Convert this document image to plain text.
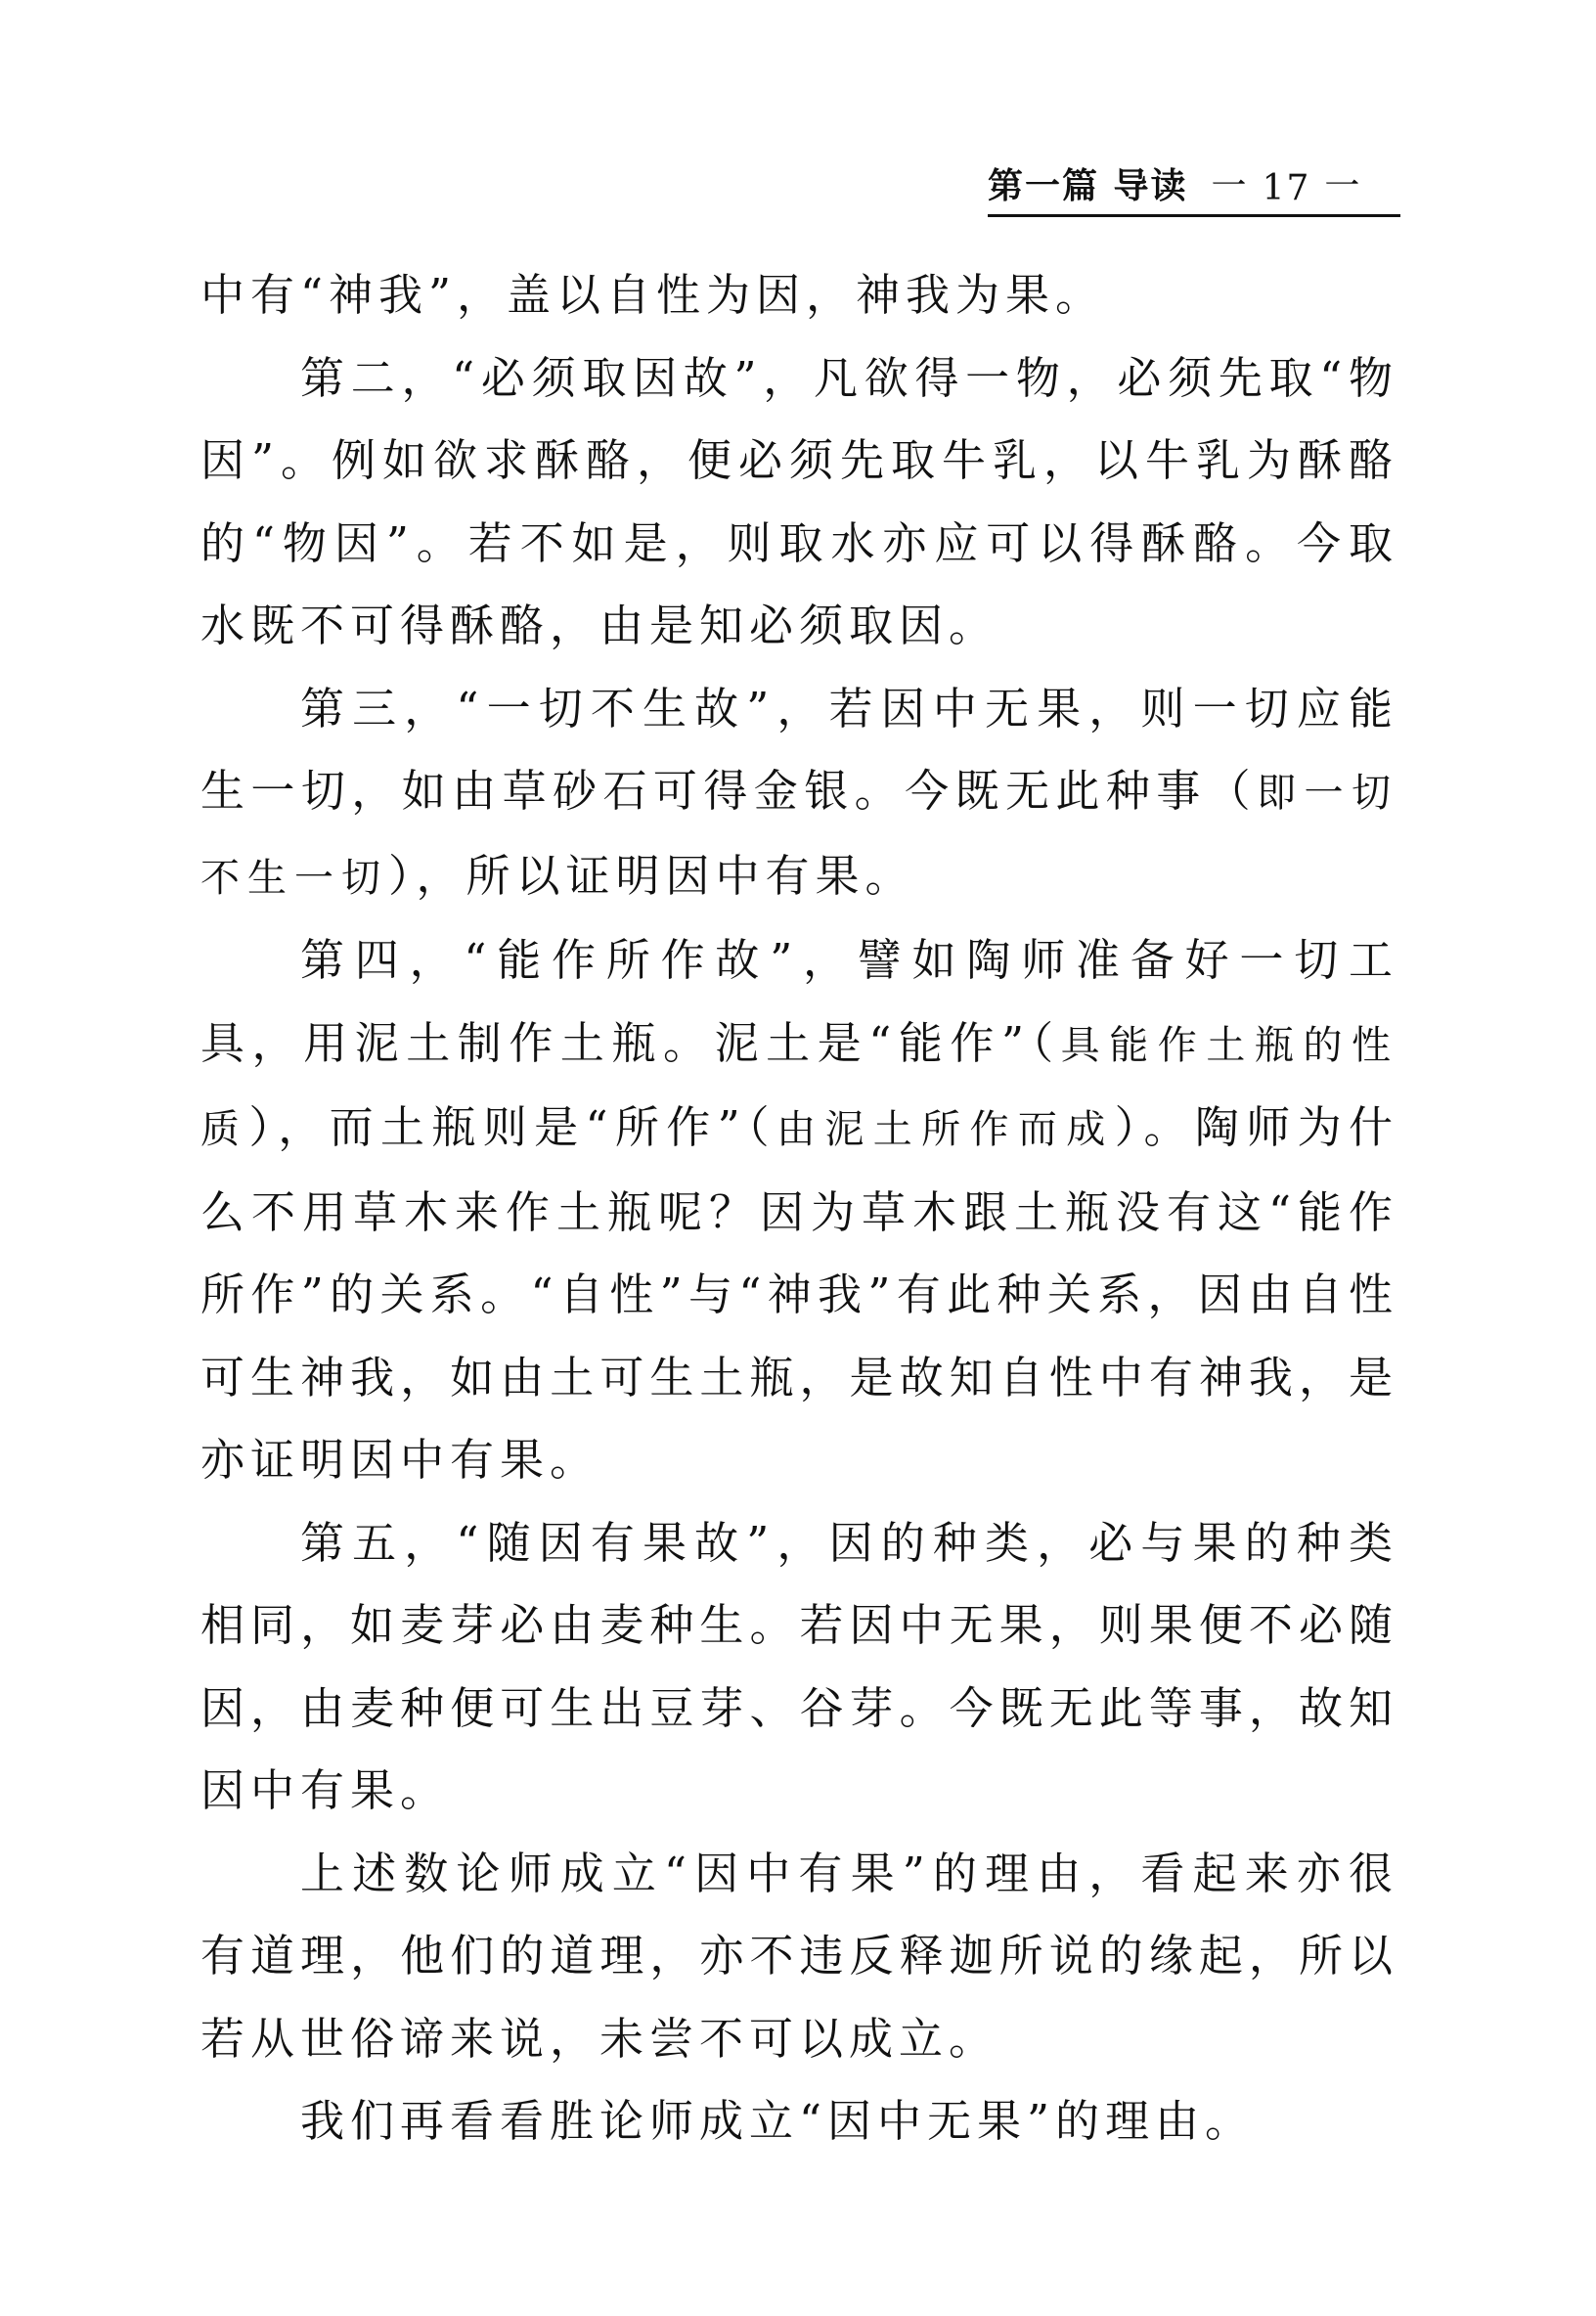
第一篇 导读 一 17 一

中有“神我”，盖以自性为因，神我为果。

第二，“必须取因故”，凡欲得一物，必须先取“物因”。例如欲求酥酪，便必须先取牛乳，以牛乳为酥酪的“物因”。若不如是，则取水亦应可以得酥酪。今取水既不可得酥酪，由是知必须取因。

第三，“一切不生故”，若因中无果，则一切应能生一切，如由草砂石可得金银。今既无此种事（即一切不生一切），所以证明因中有果。

第四，“能作所作故”，譬如陶师准备好一切工具，用泥土制作土瓶。泥土是“能作”（具能作土瓶的性质），而土瓶则是“所作”（由泥土所作而成）。陶师为什么不用草木来作土瓶呢？因为草木跟土瓶没有这“能作所作”的关系。“自性”与“神我”有此种关系，因由自性可生神我，如由土可生土瓶，是故知自性中有神我，是亦证明因中有果。

第五，“随因有果故”，因的种类，必与果的种类相同，如麦芽必由麦种生。若因中无果，则果便不必随因，由麦种便可生出豆芽、谷芽。今既无此等事，故知因中有果。

上述数论师成立“因中有果”的理由，看起来亦很有道理，他们的道理，亦不违反释迦所说的缘起，所以若从世俗谛来说，未尝不可以成立。

我们再看看胜论师成立“因中无果”的理由。
